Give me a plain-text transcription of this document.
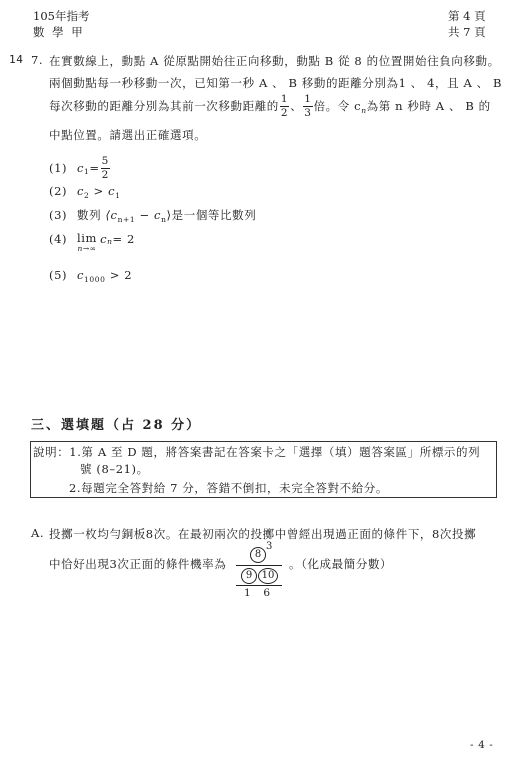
105年指考
數 學 甲
第 4 頁
共 7 頁
14 7. 在實數線上，動點 A 從原點開始往正向移動，動點 B 從 8 的位置開始往負向移動。
兩個動點每一秒移動一次，已知第一秒 A 、 B 移動的距離分別為1 、 4，且 A 、 B
每次移動的距離分別為其前一次移動距離的 $\frac{1}{2}$ 、 $\frac{1}{3}$ 倍。令 c n 為第 n 秒時 A 、 B 的
中點位置。請選出正確選項。
(1) c $1 = \frac{5}{2}$
(2) $c_2 > c_1$
(3) 數列 $⟨c_{n+1}$ − $c_n⟩$是一個等比數列
(4) lim
n→∞
c n = 2
(5) $c_{1000} > 2$
三、選填題（占 28 分）
說明：1.第 A 至 D 題，將答案書記在答案卡之「選擇（填）題答案區」所標示的列
號 (8–21)。
2.每題完全答對給 7 分，答錯不倒扣，未完全答對不給分。
A. 投擲一枚均勻銅板8次。在最初兩次的投擲中曾經出現過正面的條件下，8次投擲
中恰好出現3次正面的條件機率為
8
3
9 10
1  6
。（化成最簡分數）
- 4 -
